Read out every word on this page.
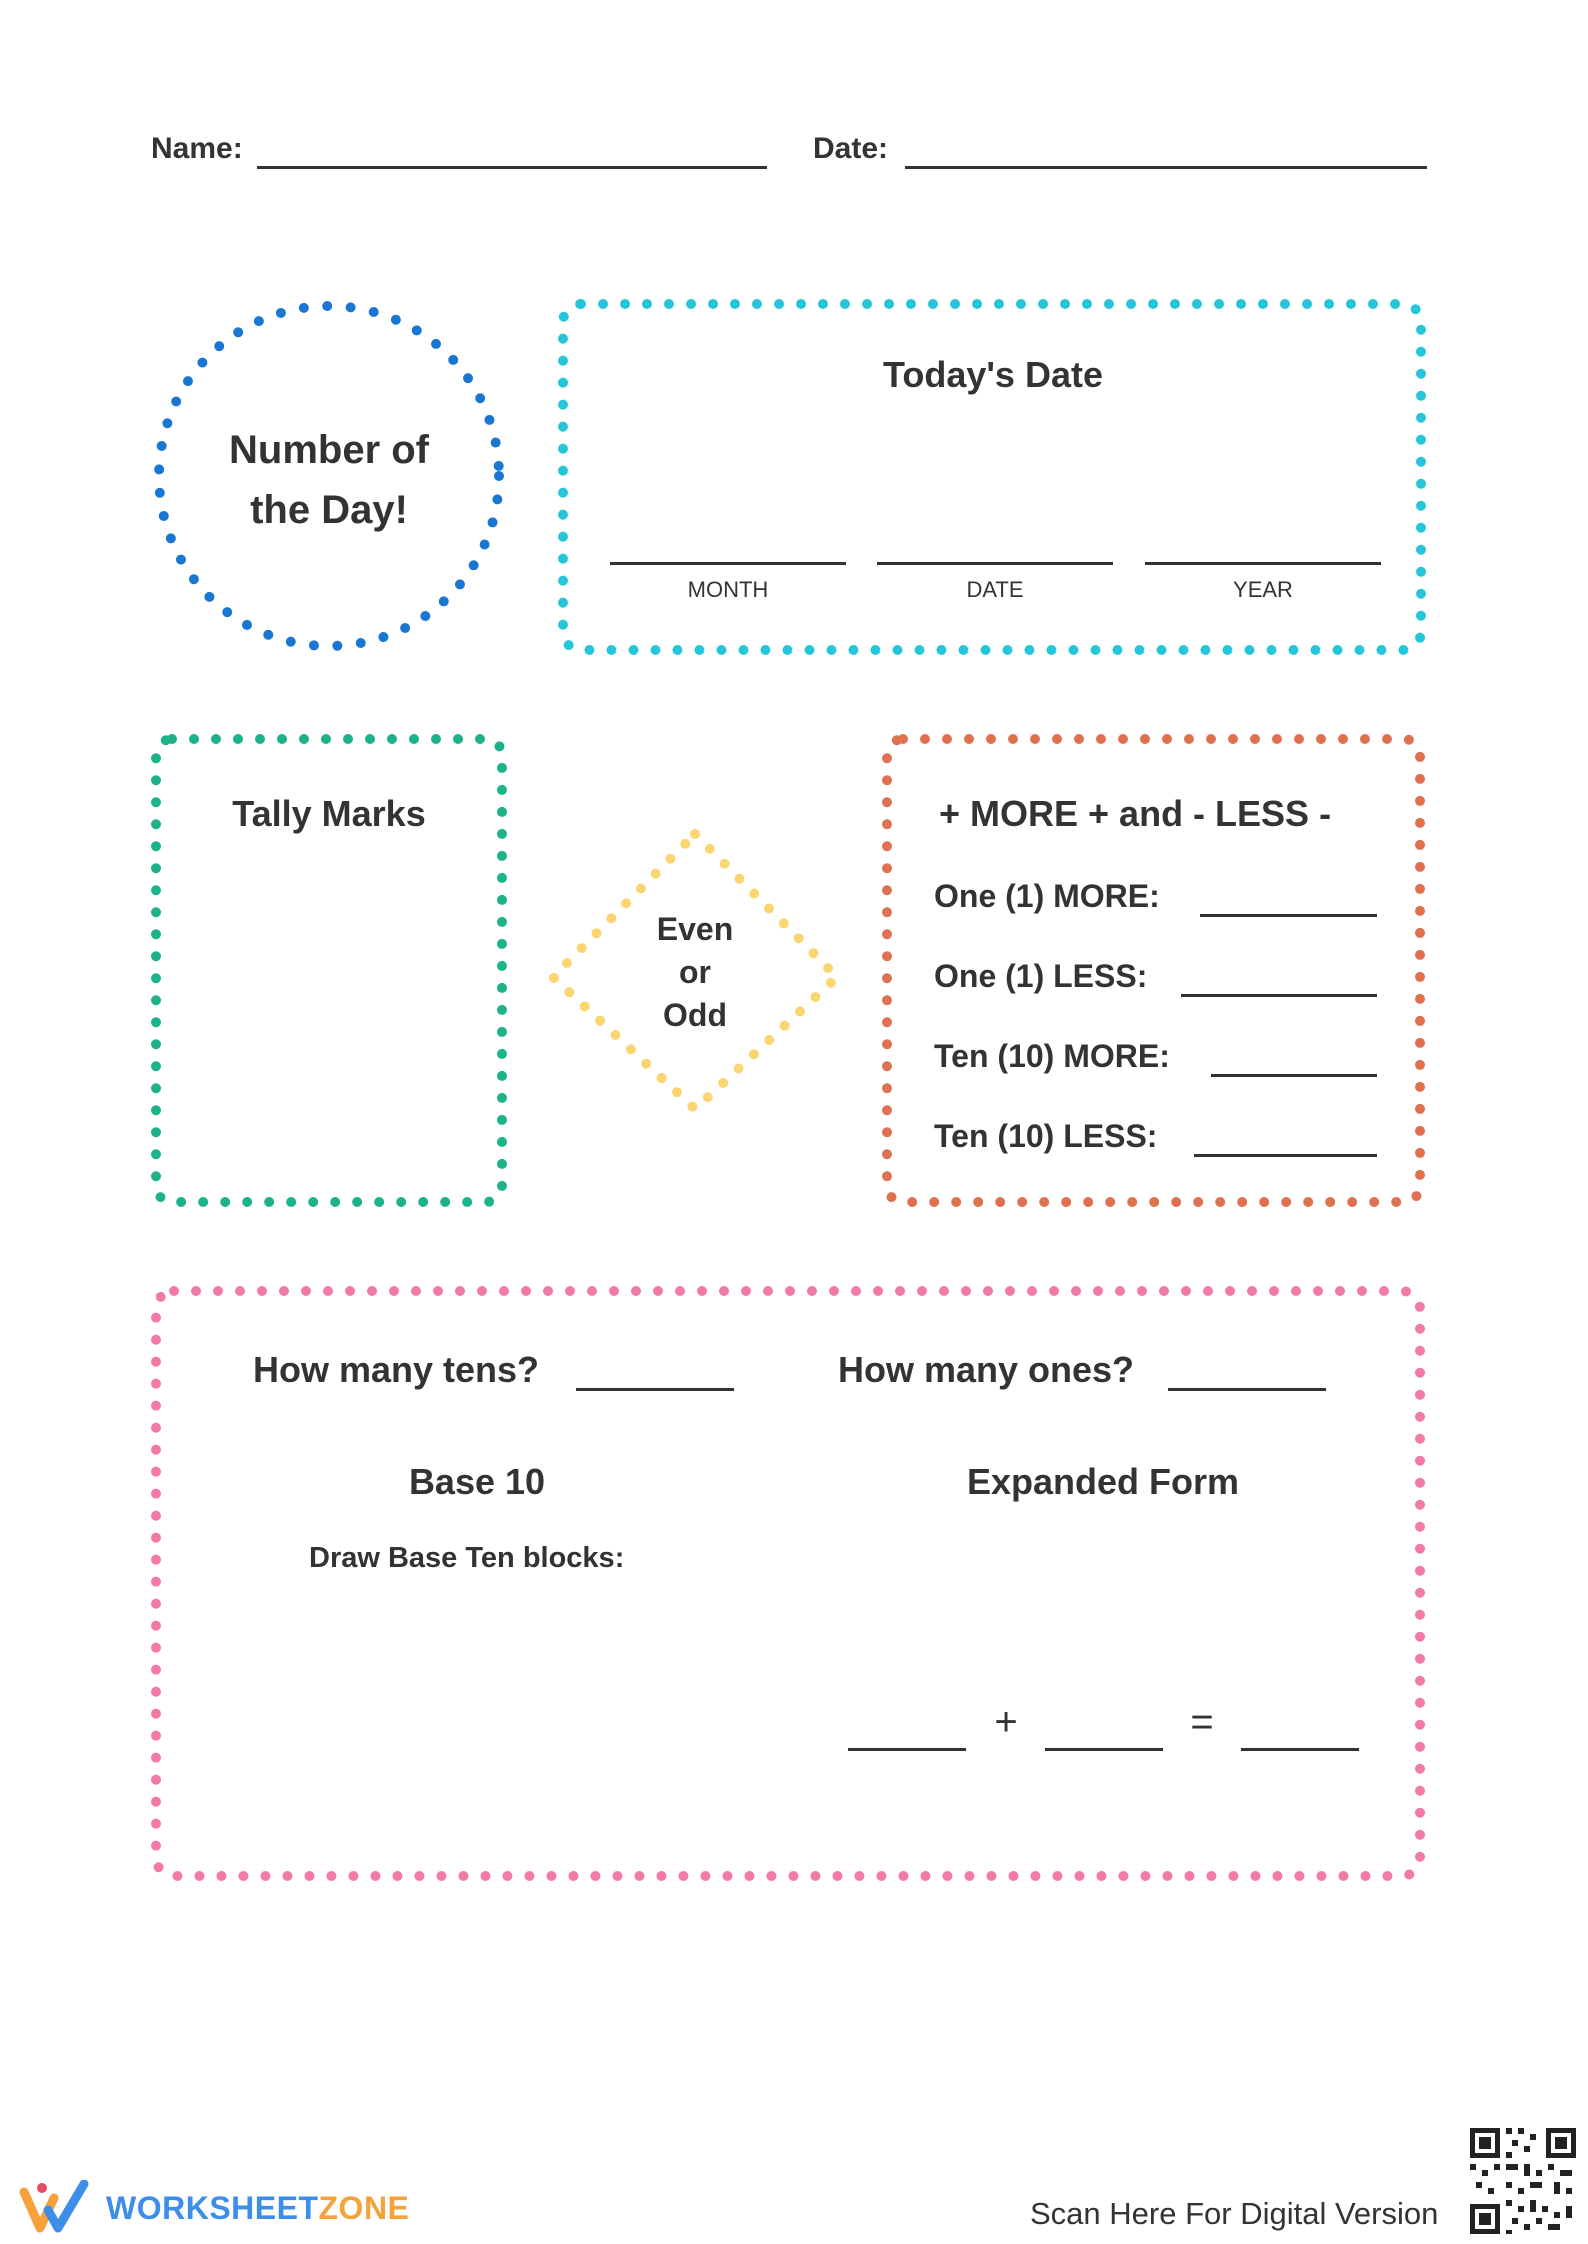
Name:	Date:
Number of
the Day!
Today's Date
MONTH	DATE	YEAR
Tally Marks
Even
or
Odd
+ MORE + and - LESS -
One (1) MORE:
One (1) LESS:
Ten (10) MORE:
Ten (10) LESS:
How many tens?	How many ones?
Base 10
Draw Base Ten blocks:
Expanded Form
+	=
WORKSHEETZONE	Scan Here For Digital Version
